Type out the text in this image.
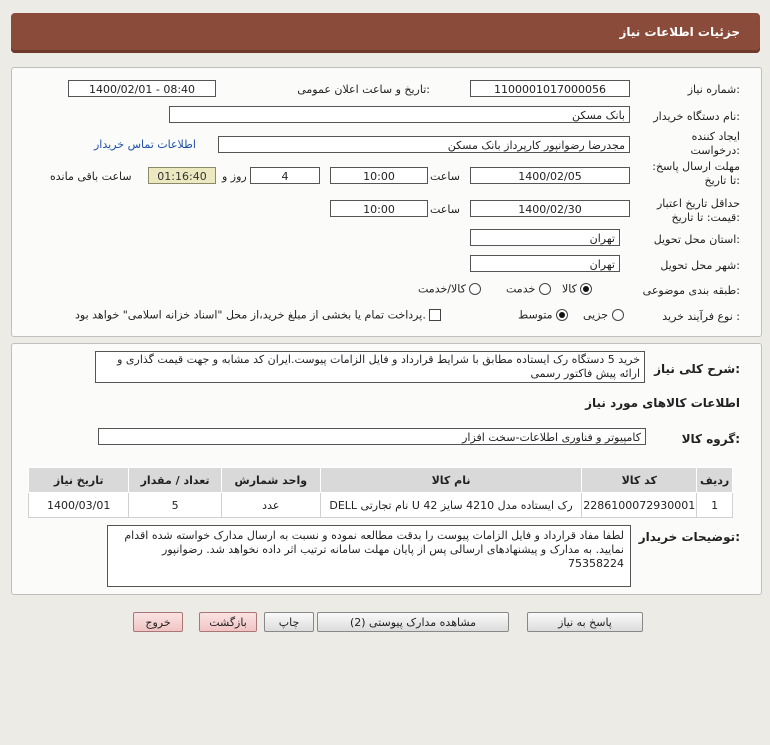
جزئیات اطلاعات نیاز
شماره نیاز:
1100001017000056
تاریخ و ساعت اعلان عمومی:
1400/02/01 - 08:40
نام دستگاه خریدار:
بانک مسکن
ایجاد کننده درخواست:
مجدرضا رضوانپور کارپرداز بانک مسکن
اطلاعات تماس خریدار
مهلت ارسال پاسخ: تا تاریخ:
1400/02/05
ساعت
10:00
4
روز و
01:16:40
ساعت باقی مانده
حداقل تاریخ اعتبار قیمت: تا تاریخ:
1400/02/30
ساعت
10:00
استان محل تحویل:
تهران
شهر محل تحویل:
تهران
طبقه بندی موضوعی:
کالا
خدمت
کالا/خدمت
نوع فرآیند خرید :
جزیی
متوسط
پرداخت تمام یا بخشی از مبلغ خرید،از محل "اسناد خزانه اسلامی" خواهد بود.
شرح کلی نیاز:
خرید 5 دستگاه رک ایستاده مطابق با شرایط قرارداد و فایل الزامات پیوست.ایران کد مشابه و جهت قیمت گذاری و ارائه پیش فاکتور رسمی
اطلاعات کالاهای مورد نیاز
گروه کالا:
کامپیوتر و فناوری اطلاعات-سخت افزار
تاریخ نیاز	تعداد / مقدار	واحد شمارش	نام کالا	کد کالا	ردیف
1400/03/01	5	عدد	رک ایستاده مدل 4210 سایز 42 U نام تجارتی DELL	2286100072930001	1
توضیحات خریدار:
لطفا مفاد قرارداد و فایل الزامات پیوست را بدقت مطالعه نموده و نسبت به ارسال مدارک خواسته شده اقدام نمایید. به مدارک و پیشنهادهای ارسالی پس از پایان مهلت سامانه ترتیب اثر داده نخواهد شد. رضوانپور 75358224
پاسخ به نیاز
مشاهده مدارک پیوستی (2)
چاپ
بازگشت
خروج
